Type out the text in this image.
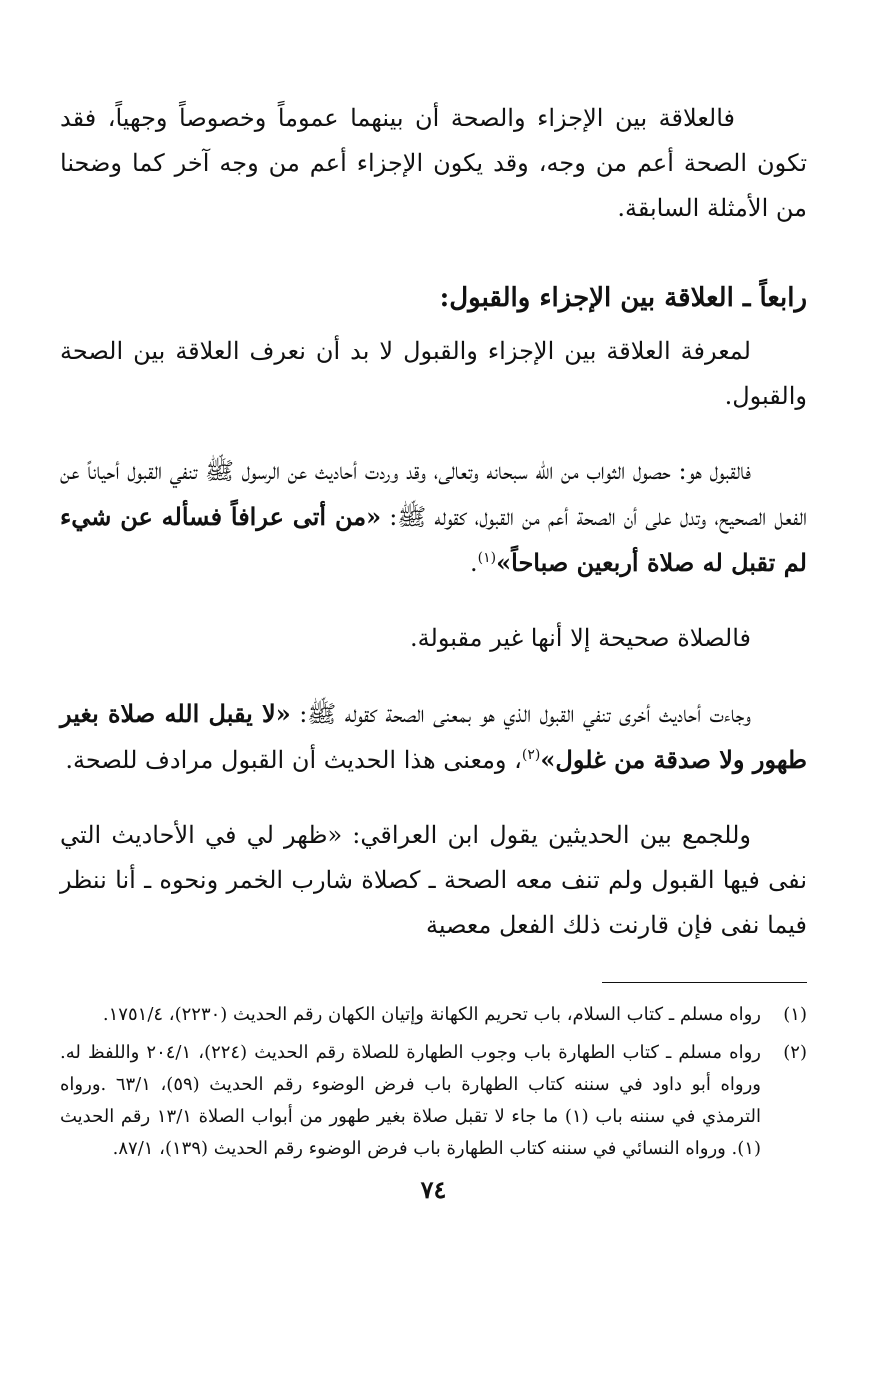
فالعلاقة بين الإجزاء والصحة أن بينهما عموماً وخصوصاً وجهياً، فقد تكون الصحة أعم من وجه، وقد يكون الإجزاء أعم من وجه آخر كما وضحنا من الأمثلة السابقة.

رابعاً ـ العلاقة بين الإجزاء والقبول:

لمعرفة العلاقة بين الإجزاء والقبول لا بد أن نعرف العلاقة بين الصحة والقبول.

فالقبول هو: حصول الثواب من الله سبحانه وتعالى، وقد وردت أحاديث عن الرسول ﷺ تنفي القبول أحياناً عن الفعل الصحيح، وتدل على أن الصحة أعم من القبول، كقوله ﷺ: «من أتى عرافاً فسأله عن شيء لم تقبل له صلاة أربعين صباحاً»$^{(١)}$.

فالصلاة صحيحة إلا أنها غير مقبولة.

وجاءت أحاديث أخرى تنفي القبول الذي هو بمعنى الصحة كقوله ﷺ: «لا يقبل الله صلاة بغير طهور ولا صدقة من غلول»$^{(٢)}$، ومعنى هذا الحديث أن القبول مرادف للصحة.

وللجمع بين الحديثين يقول ابن العراقي: «ظهر لي في الأحاديث التي نفى فيها القبول ولم تنف معه الصحة ـ كصلاة شارب الخمر ونحوه ـ أنا ننظر فيما نفى فإن قارنت ذلك الفعل معصية

(١)
رواه مسلم ـ كتاب السلام، باب تحريم الكهانة وإتيان الكهان رقم الحديث (٢٢٣٠)، ١٧٥١/٤.
(٢)
رواه مسلم ـ كتاب الطهارة باب وجوب الطهارة للصلاة رقم الحديث (٢٢٤)، ٢٠٤/١ واللفظ له. ورواه أبو داود في سننه كتاب الطهارة باب فرض الوضوء رقم الحديث (٥٩)، ٦٣/١ .ورواه الترمذي في سننه باب (١) ما جاء لا تقبل صلاة بغير طهور من أبواب الصلاة ١٣/١ رقم الحديث (١). ورواه النسائي في سننه كتاب الطهارة باب فرض الوضوء رقم الحديث (١٣٩)، ٨٧/١.
٧٤
